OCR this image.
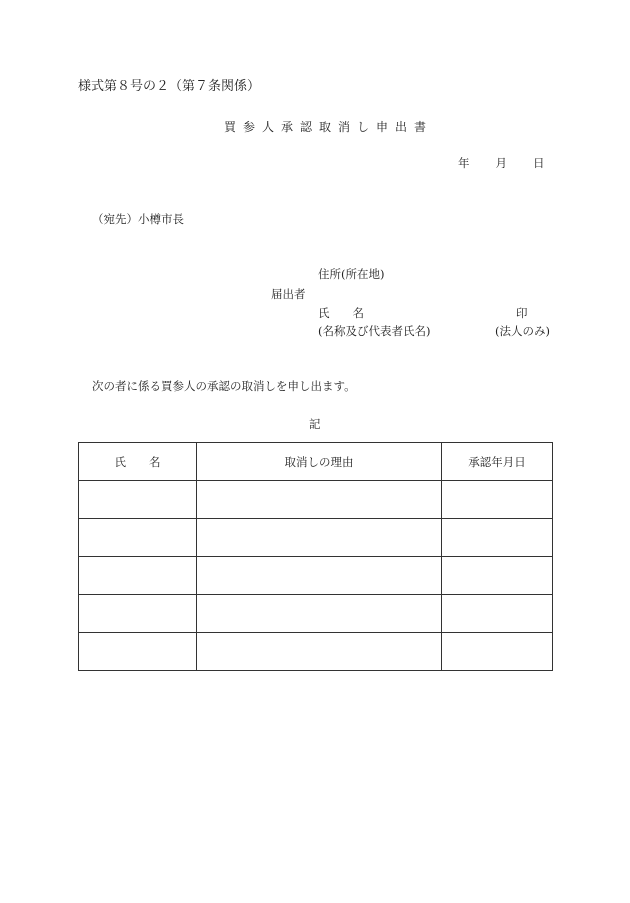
様式第８号の２（第７条関係）
買参人承認取消し申出書
年 月 日
（宛先）小樽市長
住所(所在地)
届出者
氏　　名	印
(名称及び代表者氏名)	(法人のみ)
次の者に係る買参人の承認の取消しを申し出ます。
記
氏　　名	取消しの理由	承認年月日
